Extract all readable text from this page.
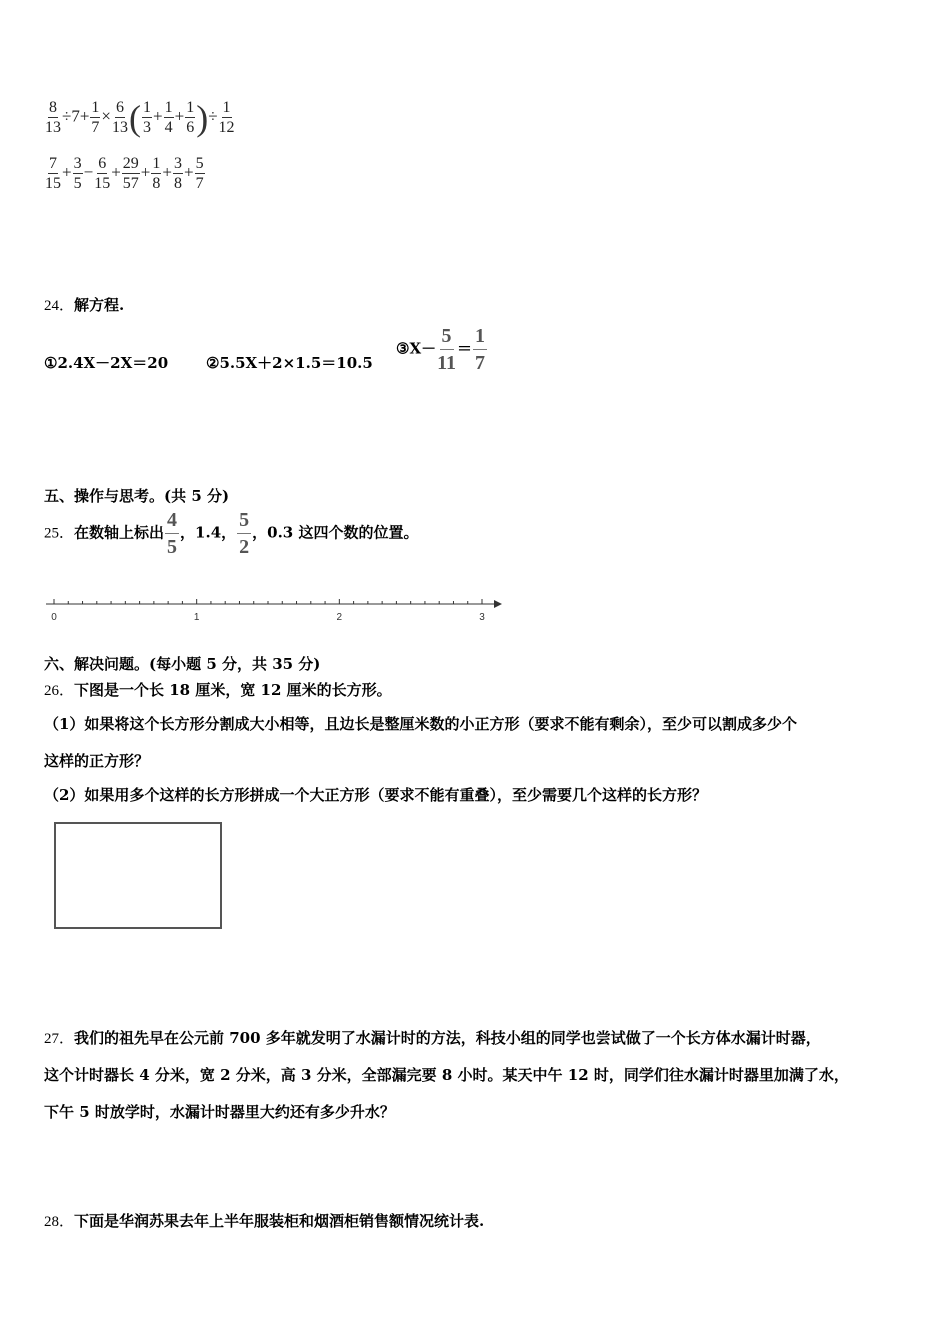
$\frac{8}{13} \div 7+ \frac{1}{7} \times \frac{6}{13}$ ( $\frac{1}{3} + \frac{1}{4} + \frac{1}{6}$ )÷ $\frac{1}{12}$
$\frac{7}{15} + \frac{3}{5} - \frac{6}{15} + \frac{29}{57} + \frac{1}{8} + \frac{3}{8} + \frac{5}{7}$
24．解方程.
①2.4X－2X＝20	②5.5X＋2×1.5＝10.5
③X－ $\frac{5}{11} = \frac{1}{7}$
五、操作与思考。(共 5 分)
25．在数轴上标出 $\frac{4}{5}$ ，1.4， $\frac{5}{2}$ ，0.3 这四个数的位置。
0	1	2	3
六、解决问题。(每小题 5 分，共 35 分)
26．下图是一个长 18 厘米，宽 12 厘米的长方形。
（1）如果将这个长方形分割成大小相等，且边长是整厘米数的小正方形（要求不能有剩余），至少可以割成多少个
这样的正方形？
（2）如果用多个这样的长方形拼成一个大正方形（要求不能有重叠），至少需要几个这样的长方形？
27．我们的祖先早在公元前 700 多年就发明了水漏计时的方法，科技小组的同学也尝试做了一个长方体水漏计时器，
这个计时器长 4 分米，宽 2 分米，高 3 分米，全部漏完要 8 小时。某天中午 12 时，同学们往水漏计时器里加满了水，
下午 5 时放学时，水漏计时器里大约还有多少升水？
28．下面是华润苏果去年上半年服装柜和烟酒柜销售额情况统计表.
